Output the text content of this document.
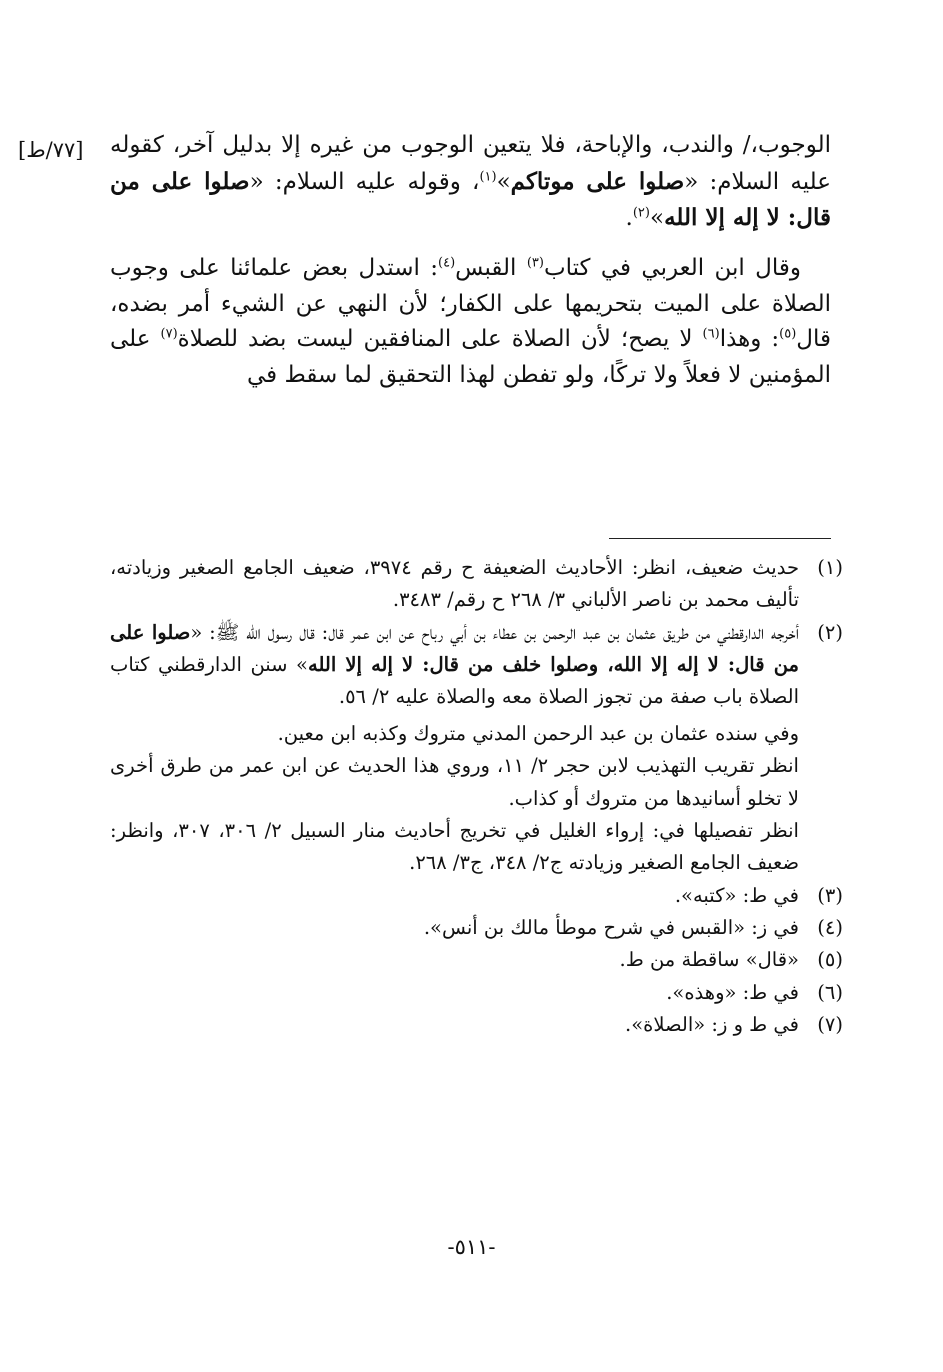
[٧٧/ط] الوجوب،/ والندب، والإباحة، فلا يتعين الوجوب من غيره إلا بدليل آخر، كقوله عليه السلام: «صلوا على موتاكم»$^{(١)}$، وقوله عليه السلام: «صلوا على من قال: لا إله إلا الله»$^{(٢)}$.

وقال ابن العربي في كتاب$^{(٣)}$ القبس$^{(٤)}$: استدل بعض علمائنا على وجوب الصلاة على الميت بتحريمها على الكفار؛ لأن النهي عن الشيء أمر بضده، قال$^{(٥)}$: وهذا$^{(٦)}$ لا يصح؛ لأن الصلاة على المنافقين ليست بضد للصلاة$^{(٧)}$ على المؤمنين لا فعلاً ولا تركًا، ولو تفطن لهذا التحقيق لما سقط في

(١)
حديث ضعيف، انظر: الأحاديث الضعيفة ح رقم ٣٩٧٤، ضعيف الجامع الصغير وزيادته، تأليف محمد بن ناصر الألباني ٣/ ٢٦٨ ح رقم/ ٣٤٨٣.
(٢)
أخرجه الدارقطني من طريق عثمان بن عبد الرحمن بن عطاء بن أبي رباح عن ابن عمر قال: قال رسول الله ﷺ: «صلوا على من قال: لا إله إلا الله، وصلوا خلف من قال: لا إله إلا الله» سنن الدارقطني كتاب الصلاة باب صفة من تجوز الصلاة معه والصلاة عليه ٢/ ٥٦.
وفي سنده عثمان بن عبد الرحمن المدني متروك وكذبه ابن معين.
انظر تقريب التهذيب لابن حجر ٢/ ١١، وروي هذا الحديث عن ابن عمر من طرق أخرى لا تخلو أسانيدها من متروك أو كذاب.
انظر تفصيلها في: إرواء الغليل في تخريج أحاديث منار السبيل ٢/ ٣٠٦، ٣٠٧، وانظر: ضعيف الجامع الصغير وزيادته ج٢/ ٣٤٨، ج٣/ ٢٦٨.
(٣)
في ط: «كتبه».
(٤)
في ز: «القبس في شرح موطأ مالك بن أنس».
(٥)
«قال» ساقطة من ط.
(٦)
في ط: «وهذه».
(٧)
في ط و ز: «الصلاة».
-٥١١-
